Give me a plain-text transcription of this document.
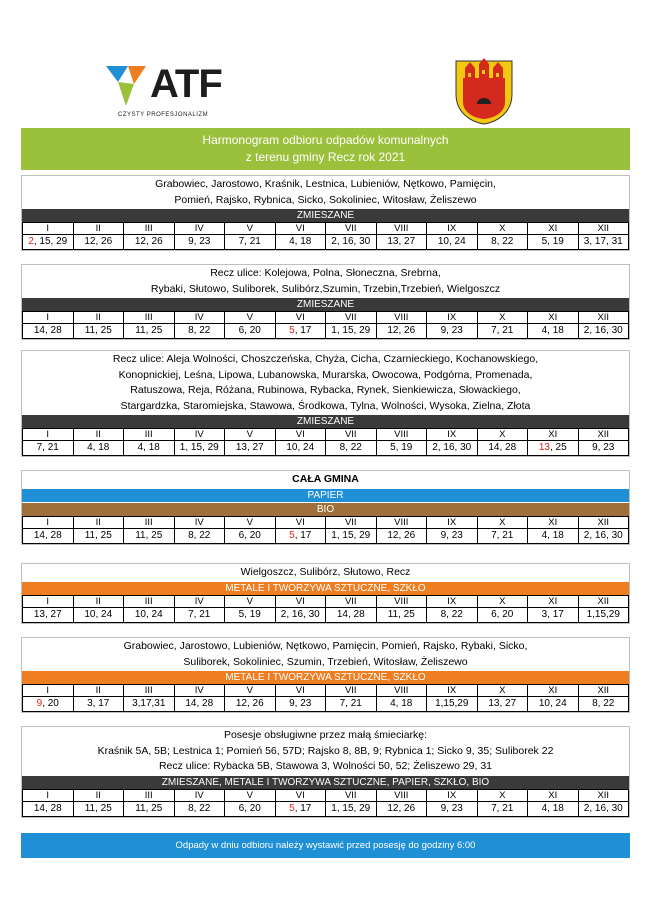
ATF
CZYSTY PROFESJONALIZM
Harmonogram odbioru odpadów komunalnych
z terenu gminy Recz rok 2021
Grabowiec, Jarostowo, Kraśnik, Lestnica, Lubieniów, Nętkowo, Pamięcin,
Pomień, Rajsko, Rybnica, Sicko, Sokoliniec, Witosław, Żeliszewo
ZMIESZANE
I	II	III	IV	V	VI	VII	VIII	IX	X	XI	XII
2, 15, 29	12, 26	12, 26	9, 23	7, 21	4, 18	2, 16, 30	13, 27	10, 24	8, 22	5, 19	3, 17, 31
Recz ulice: Kolejowa, Polna, Słoneczna, Srebrna,
Rybaki, Słutowo, Suliborek, Sulibórz,Szumin, Trzebin,Trzebień, Wielgoszcz
ZMIESZANE
I	II	III	IV	V	VI	VII	VIII	IX	X	XI	XII
14, 28	11, 25	11, 25	8, 22	6, 20	5, 17	1, 15, 29	12, 26	9, 23	7, 21	4, 18	2, 16, 30
Recz ulice: Aleja Wolności, Choszczeńska, Chyża, Cicha, Czarnieckiego, Kochanowskiego,
Konopnickiej, Leśna, Lipowa, Lubanowska, Murarska, Owocowa, Podgórna, Promenada,
Ratuszowa, Reja, Różana, Rubinowa, Rybacka, Rynek, Sienkiewicza, Słowackiego,
Stargardzka, Staromiejska, Stawowa, Środkowa, Tylna, Wolności, Wysoka, Zielna, Złota
ZMIESZANE
I	II	III	IV	V	VI	VII	VIII	IX	X	XI	XII
7, 21	4, 18	4, 18	1, 15, 29	13, 27	10, 24	8, 22	5, 19	2, 16, 30	14, 28	13, 25	9, 23
CAŁA GMINA
PAPIER
BIO
I	II	III	IV	V	VI	VII	VIII	IX	X	XI	XII
14, 28	11, 25	11, 25	8, 22	6, 20	5, 17	1, 15, 29	12, 26	9, 23	7, 21	4, 18	2, 16, 30
Wielgoszcz, Sulibórz, Słutowo, Recz
METALE I TWORZYWA SZTUCZNE, SZKŁO
I	II	III	IV	V	VI	VII	VIII	IX	X	XI	XII
13, 27	10, 24	10, 24	7, 21	5, 19	2, 16, 30	14, 28	11, 25	8, 22	6, 20	3, 17	1,15,29
Grabowiec, Jarostowo, Lubieniów, Nętkowo, Pamięcin, Pomień, Rajsko, Rybaki, Sicko,
Suliborek, Sokoliniec, Szumin, Trzebień, Witosław, Żeliszewo
METALE I TWORZYWA SZTUCZNE, SZKŁO
I	II	III	IV	V	VI	VII	VIII	IX	X	XI	XII
9, 20	3, 17	3,17,31	14, 28	12, 26	9, 23	7, 21	4, 18	1,15,29	13, 27	10, 24	8, 22
Posesje obsługiwne przez małą śmieciarkę:
Kraśnik 5A, 5B; Lestnica 1; Pomień 56, 57D; Rajsko 8, 8B, 9; Rybnica 1; Sicko 9, 35; Suliborek 22
Recz ulice: Rybacka 5B, Stawowa 3, Wolności 50, 52; Żeliszewo 29, 31
ZMIESZANE, METALE I TWORZYWA SZTUCZNE, PAPIER, SZKŁO, BIO
I	II	III	IV	V	VI	VII	VIII	IX	X	XI	XII
14, 28	11, 25	11, 25	8, 22	6, 20	5, 17	1, 15, 29	12, 26	9, 23	7, 21	4, 18	2, 16, 30
Odpady w dniu odbioru należy wystawić przed posesję do godziny 6:00
